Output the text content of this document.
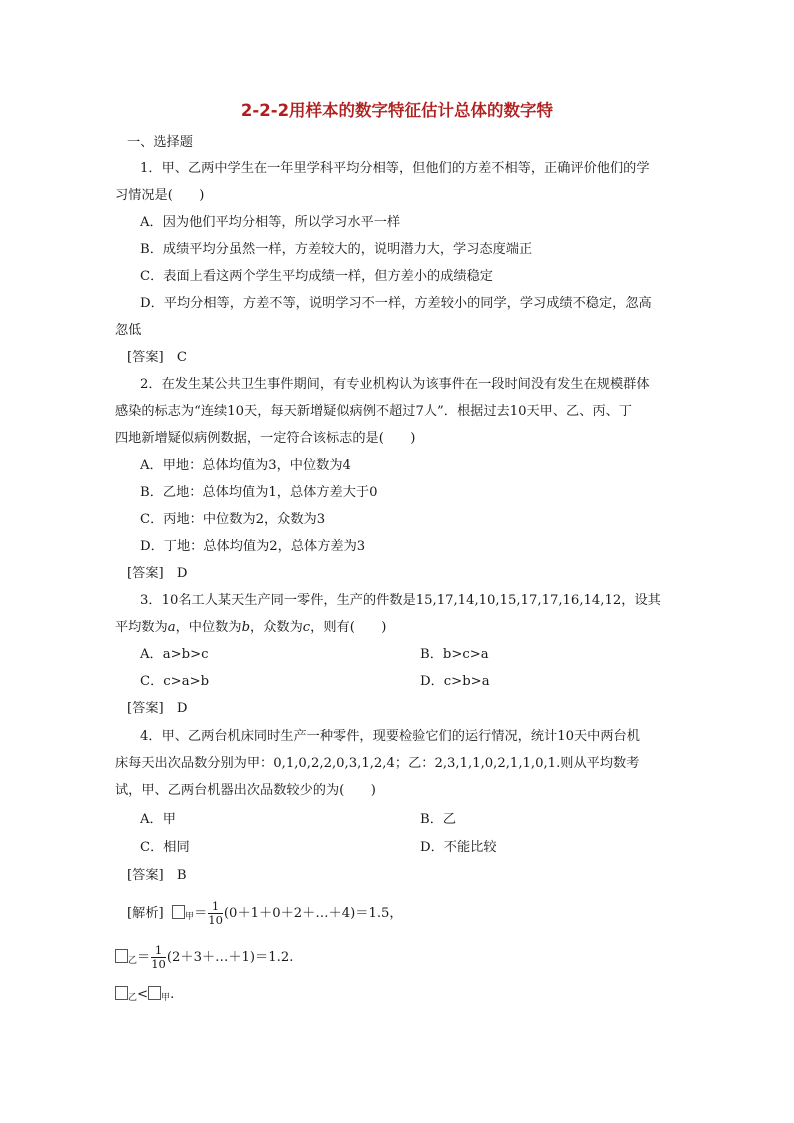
2-2-2用样本的数字特征估计总体的数字特
一、选择题
1．甲、乙两中学生在一年里学科平均分相等，但他们的方差不相等，正确评价他们的学
习情况是(　　)
A．因为他们平均分相等，所以学习水平一样
B．成绩平均分虽然一样，方差较大的，说明潜力大，学习态度端正
C．表面上看这两个学生平均成绩一样，但方差小的成绩稳定
D．平均分相等，方差不等，说明学习不一样，方差较小的同学，学习成绩不稳定，忽高
忽低
[答案]　C
2．在发生某公共卫生事件期间，有专业机构认为该事件在一段时间没有发生在规模群体
感染的标志为“连续10天，每天新增疑似病例不超过7人”．根据过去10天甲、乙、丙、丁
四地新增疑似病例数据，一定符合该标志的是(　　)
A．甲地：总体均值为3，中位数为4
B．乙地：总体均值为1，总体方差大于0
C．丙地：中位数为2，众数为3
D．丁地：总体均值为2，总体方差为3
[答案]　D
3．10名工人某天生产同一零件，生产的件数是15,17,14,10,15,17,17,16,14,12，设其
平均数为a，中位数为b，众数为c，则有(　　)
A．a>b>c	B．b>c>a
C．c>a>b	D．c>b>a
[答案]　D
4．甲、乙两台机床同时生产一种零件，现要检验它们的运行情况，统计10天中两台机
床每天出次品数分别为甲：0,1,0,2,2,0,3,1,2,4；乙：2,3,1,1,0,2,1,1,0,1.则从平均数考
试，甲、乙两台机器出次品数较少的为(　　)
A．甲	B．乙
C．相同	D．不能比较
[答案]　B
[解析] 甲＝ $\frac{1}{10}$ (0＋1＋0＋2＋…＋4)＝1.5，
乙＝ $\frac{1}{10}$ (2＋3＋…＋1)＝1.2.
乙< 甲.
